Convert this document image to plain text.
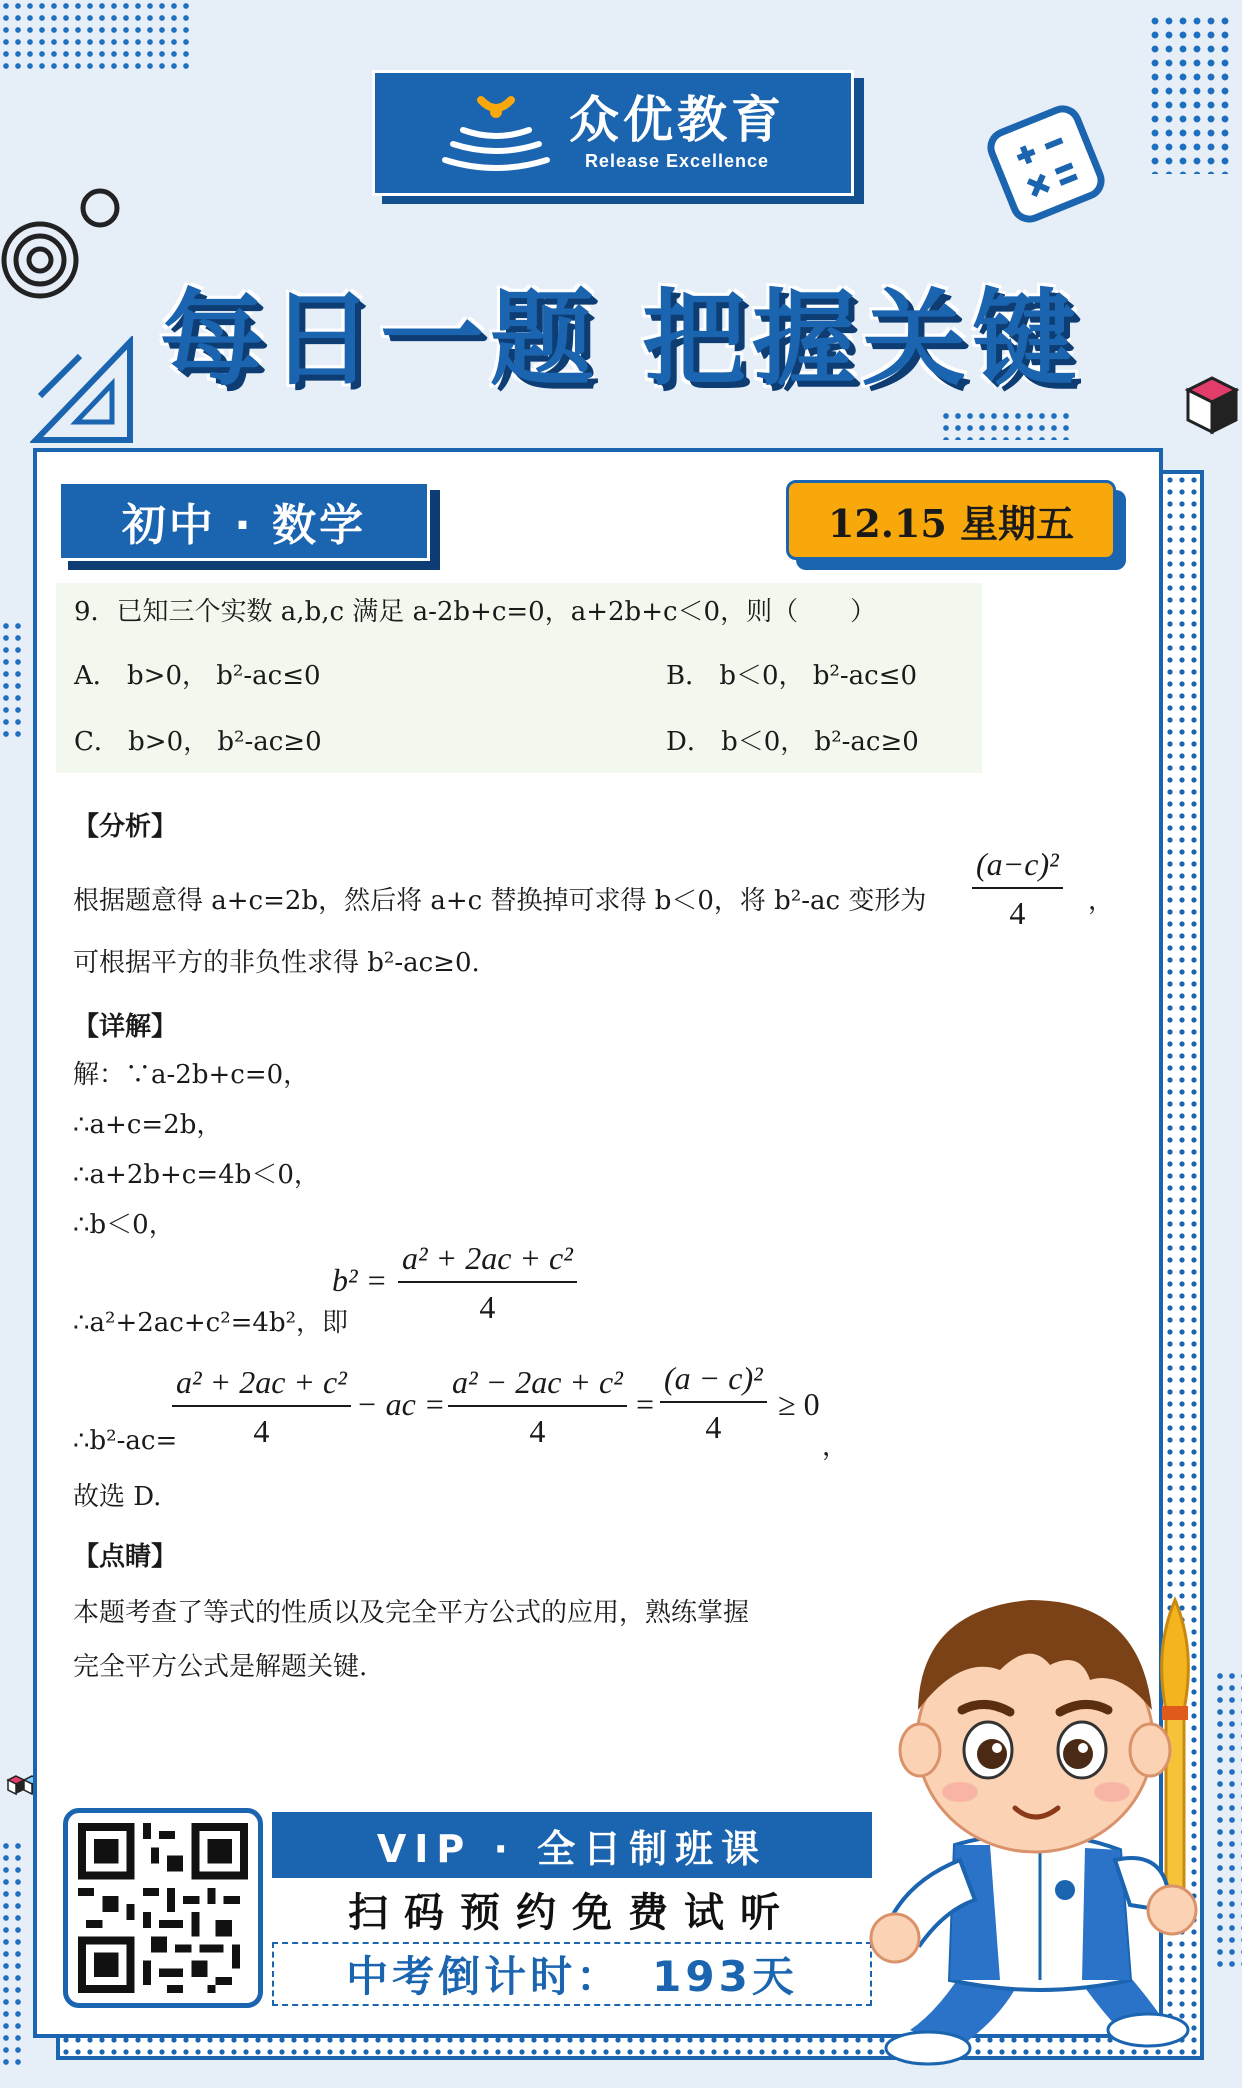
众优教育
Release Excellence
每日一题 把握关键
初中 · 数学	12.15 星期五
9．已知三个实数 a,b,c 满足 a-2b+c=0，a+2b+c＜0，则（　　）
A． b>0， b²-ac≤0	B． b＜0， b²-ac≤0
C． b>0， b²-ac≥0	D． b＜0， b²-ac≥0
【分析】
根据题意得 a+c=2b，然后将 a+c 替换掉可求得 b＜0，将 b²-ac 变形为 $\frac{\text{(a−c)²}}{4}$ ，
可根据平方的非负性求得 b²-ac≥0.
【详解】
解：∵a-2b+c=0，
∴a+c=2b，
∴a+2b+c=4b＜0，
∴b＜0，
∴a²+2ac+c²=4b²，即
$b^2 = \frac{\text{a² + 2ac + c²}}{4}$
∴b²-ac=
$\frac{\text{a² + 2ac + c²}}{4}$ − ac = $\frac{\text{a² − 2ac + c²}}{4} = \frac{\text{(a − c)²}}{4} \ge 0$
，
故选 D.
【点睛】
本题考查了等式的性质以及完全平方公式的应用，熟练掌握
完全平方公式是解题关键.
VIP · 全日制班课
扫码预约免费试听
中考倒计时： 193天
